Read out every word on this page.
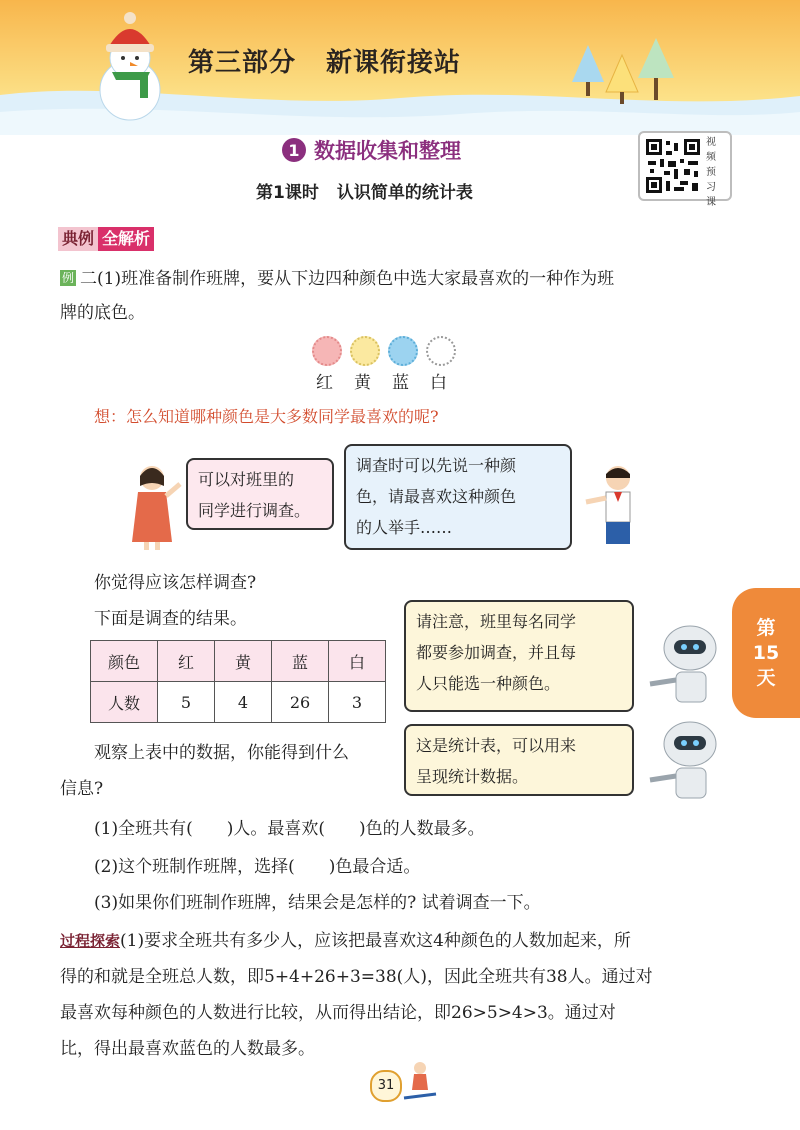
第三部分 新课衔接站
1 数据收集和整理
第1课时 认识简单的统计表
视频预习课
典例 全解析
例 二(1)班准备制作班牌，要从下边四种颜色中选大家最喜欢的一种作为班
牌的底色。
红 黄 蓝 白
想：怎么知道哪种颜色是大多数同学最喜欢的呢?
可以对班里的
同学进行调查。
调查时可以先说一种颜
色，请最喜欢这种颜色
的人举手……
你觉得应该怎样调查?
下面是调查的结果。
颜色	红	黄	蓝	白
人数	5	4	26	3
请注意，班里每名同学
都要参加调查，并且每
人只能选一种颜色。
这是统计表，可以用来
呈现统计数据。
第
15
天
观察上表中的数据，你能得到什么
信息?
(1)全班共有(　　)人。最喜欢(　　)色的人数最多。
(2)这个班制作班牌，选择(　　)色最合适。
(3)如果你们班制作班牌，结果会是怎样的? 试着调查一下。
过程探索(1)要求全班共有多少人，应该把最喜欢这4种颜色的人数加起来，所
得的和就是全班总人数，即5+4+26+3=38(人)，因此全班共有38人。通过对
最喜欢每种颜色的人数进行比较，从而得出结论，即26>5>4>3。通过对
比，得出最喜欢蓝色的人数最多。
31
